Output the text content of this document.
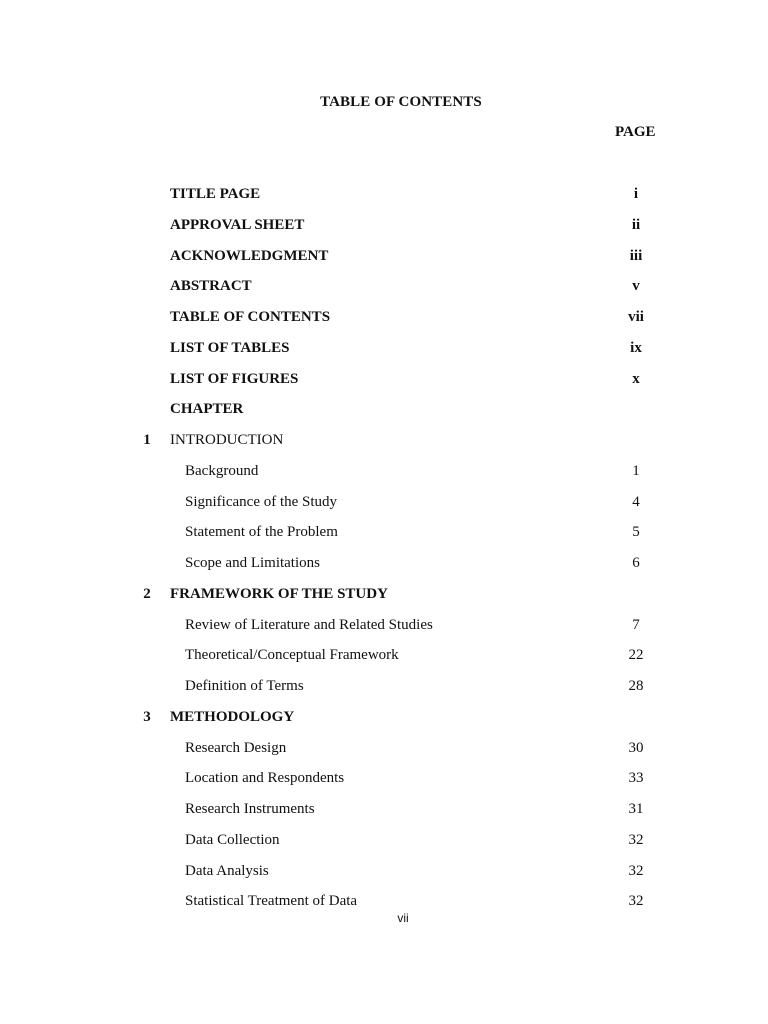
TABLE OF CONTENTS
PAGE
TITLE PAGE	i
APPROVAL SHEET	ii
ACKNOWLEDGMENT	iii
ABSTRACT	v
TABLE OF CONTENTS	vii
LIST OF TABLES	ix
LIST OF FIGURES	x
CHAPTER
1 INTRODUCTION
Background	1
Significance of the Study	4
Statement of the Problem	5
Scope and Limitations	6
2 FRAMEWORK OF THE STUDY
Review of Literature and Related Studies	7
Theoretical/Conceptual Framework	22
Definition of Terms	28
3 METHODOLOGY
Research Design	30
Location and Respondents	33
Research Instruments	31
Data Collection	32
Data Analysis	32
Statistical Treatment of Data	32
vii
